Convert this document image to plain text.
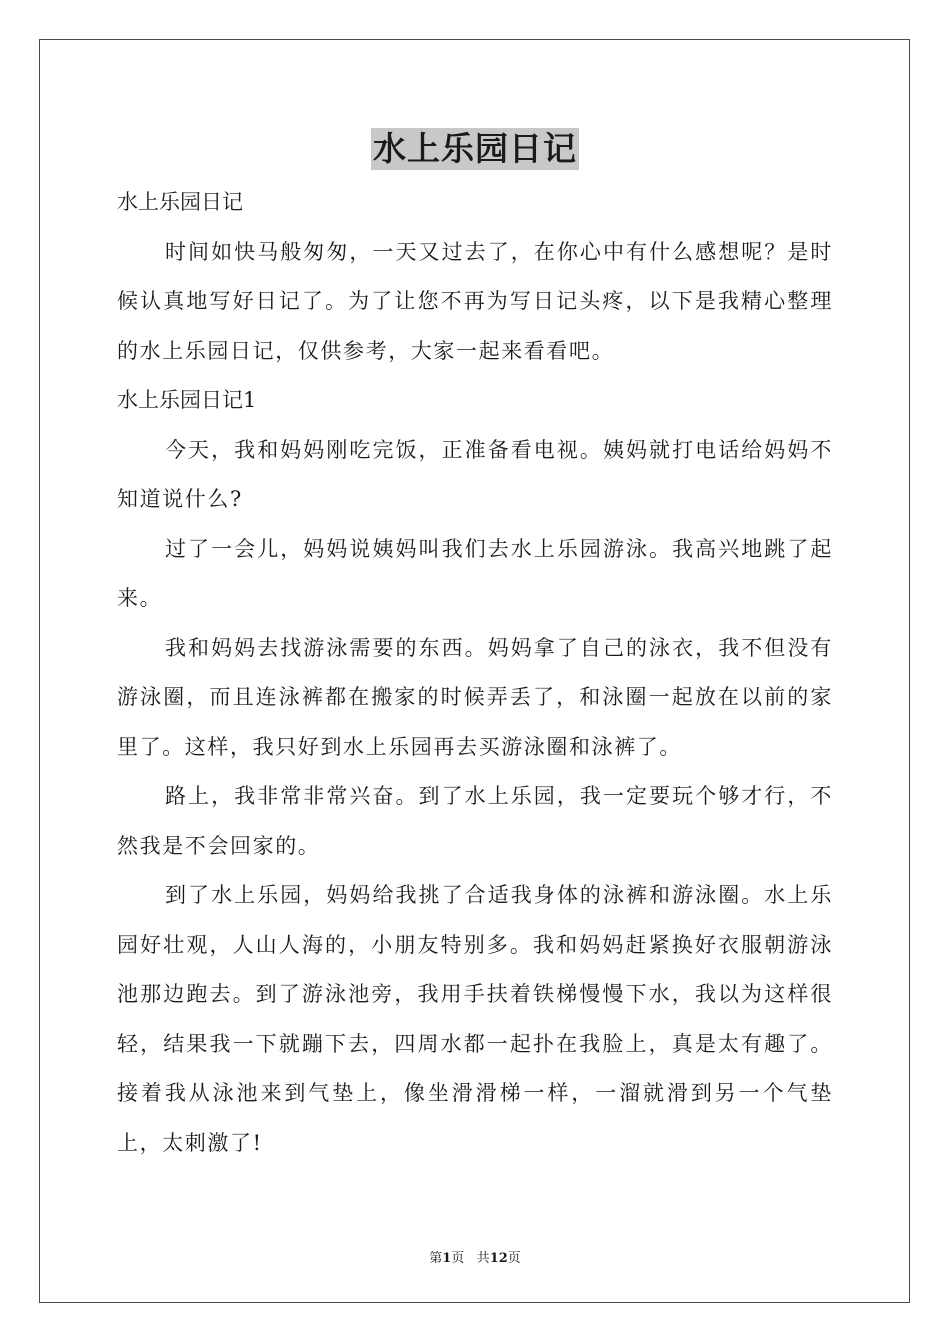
水上乐园日记

水上乐园日记

时间如快马般匆匆，一天又过去了，在你心中有什么感想呢？是时候认真地写好日记了。为了让您不再为写日记头疼，以下是我精心整理的水上乐园日记，仅供参考，大家一起来看看吧。

水上乐园日记1

今天，我和妈妈刚吃完饭，正准备看电视。姨妈就打电话给妈妈不知道说什么?

过了一会儿，妈妈说姨妈叫我们去水上乐园游泳。我高兴地跳了起来。

我和妈妈去找游泳需要的东西。妈妈拿了自己的泳衣，我不但没有游泳圈，而且连泳裤都在搬家的时候弄丢了，和泳圈一起放在以前的家里了。这样，我只好到水上乐园再去买游泳圈和泳裤了。

路上，我非常非常兴奋。到了水上乐园，我一定要玩个够才行，不然我是不会回家的。

到了水上乐园，妈妈给我挑了合适我身体的泳裤和游泳圈。水上乐园好壮观，人山人海的，小朋友特别多。我和妈妈赶紧换好衣服朝游泳池那边跑去。到了游泳池旁，我用手扶着铁梯慢慢下水，我以为这样很轻，结果我一下就蹦下去，四周水都一起扑在我脸上，真是太有趣了。接着我从泳池来到气垫上，像坐滑滑梯一样，一溜就滑到另一个气垫上，太刺激了!

第1页 共12页
